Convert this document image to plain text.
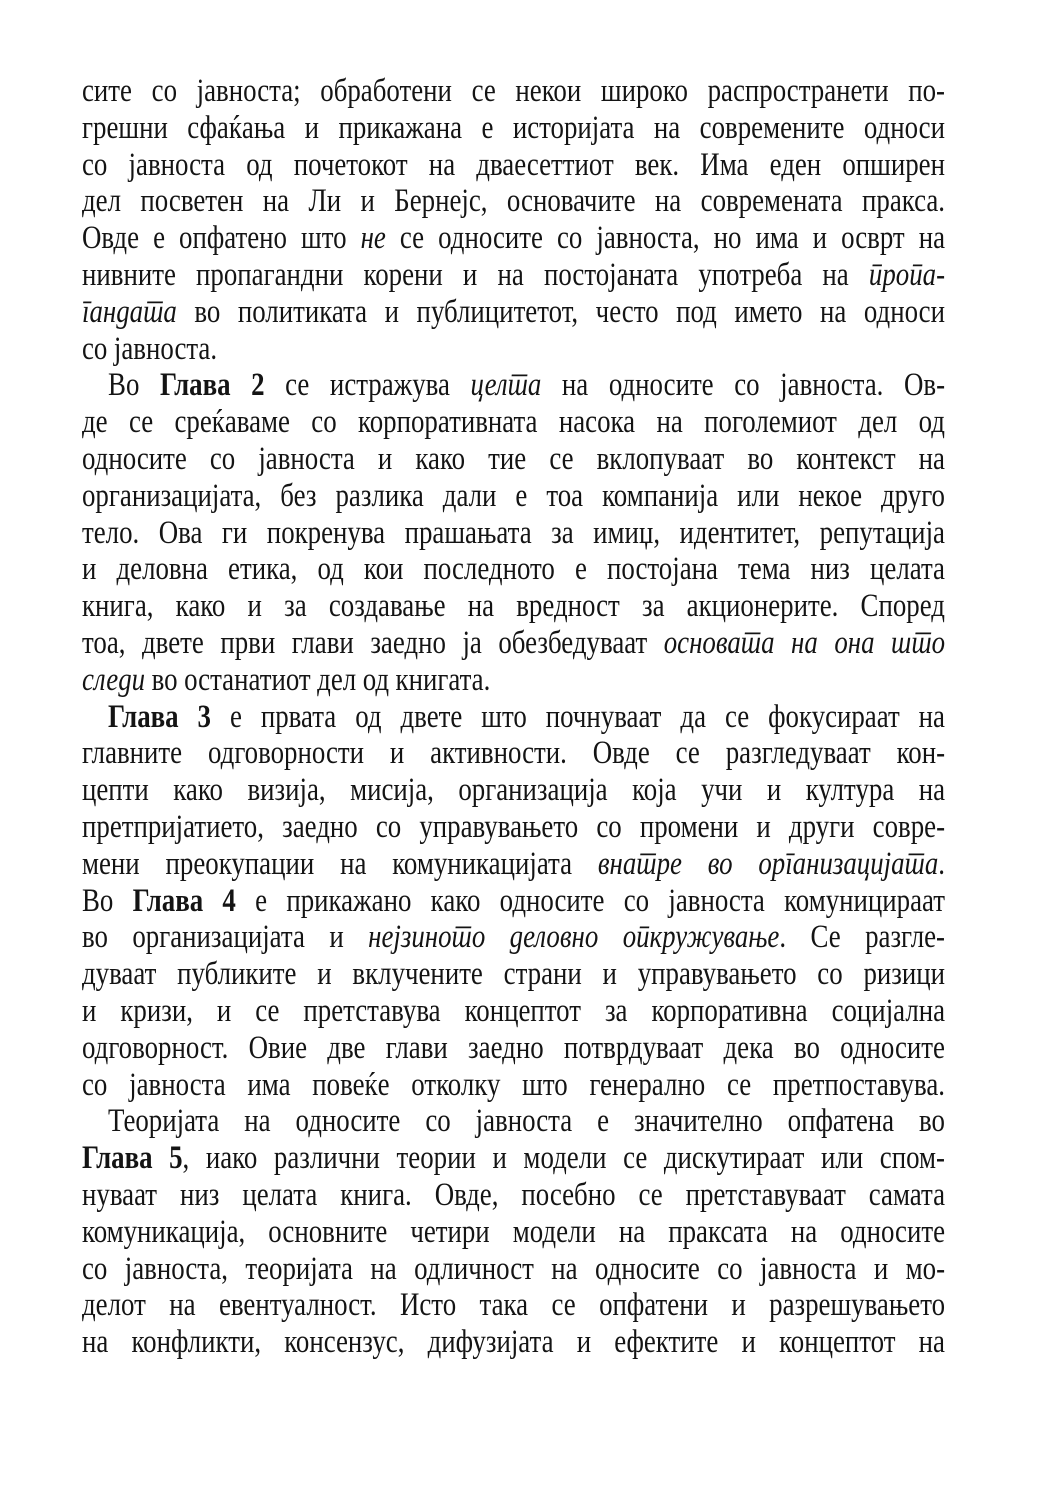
сите со јавноста; обработени се некои широко распространети по-
грешни сфаќања и прикажана е историјата на современите односи
со јавноста од почетокот на дваесеттиот век. Има еден опширен
дел посветен на Ли и Бернејс, основачите на современата пракса.
Овде е опфатено што не се односите со јавноста, но има и осврт на
нивните пропагандни корени и на постојаната употреба на пропа-
гандата во политиката и публицитетот, често под името на односи
со јавноста.
Во Глава 2 се истражува целта на односите со јавноста. Ов-
де се среќаваме со корпоративната насока на поголемиот дел од
односите со јавноста и како тие се вклопуваат во контекст на
организацијата, без разлика дали е тоа компанија или некое друго
тело. Ова ги покренува прашањата за имиџ, идентитет, репутација
и деловна етика, од кои последното е постојана тема низ целата
книга, како и за создавање на вредност за акционерите. Според
тоа, двете први глави заедно ја обезбедуваат основата на она што
следи во останатиот дел од книгата.
Глава 3 е првата од двете што почнуваат да се фокусираат на
главните одговорности и активности. Овде се разгледуваат кон-
цепти како визија, мисија, организација која учи и култура на
претпријатието, заедно со управувањето со промени и други совре-
мени преокупации на комуникацијата внатре во организацијата.
Во Глава 4 е прикажано како односите со јавноста комуницираат
во организацијата и нејзиното деловно опкружување. Се разгле-
дуваат публиките и вклучените страни и управувањето со ризици
и кризи, и се претставува концептот за корпоративна социјална
одговорност. Овие две глави заедно потврдуваат дека во односите
со јавноста има повеќе отколку што генерално се претпоставува.
Теоријата на односите со јавноста е значително опфатена во
Глава 5, иако различни теории и модели се дискутираат или спом-
нуваат низ целата книга. Овде, посебно се претставуваат самата
комуникација, основните четири модели на праксата на односите
со јавноста, теоријата на одличност на односите со јавноста и мо-
делот на евентуалност. Исто така се опфатени и разрешувањето
на конфликти, консензус, дифузијата и ефектите и концептот на
